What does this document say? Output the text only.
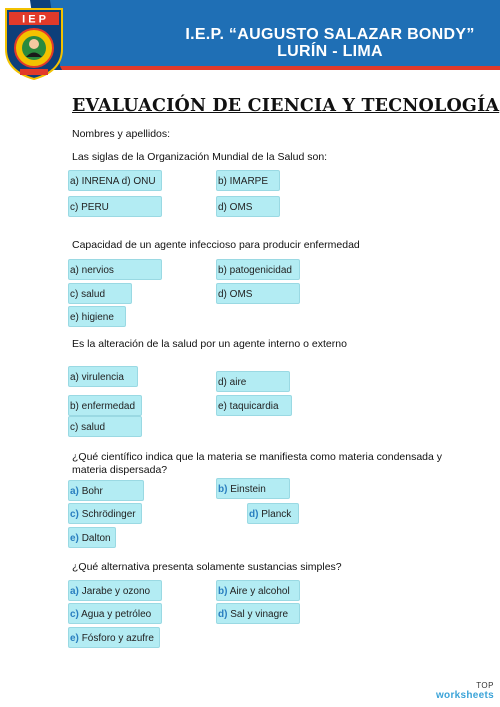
I.E.P. “AUGUSTO SALAZAR BONDY”
LURÍN - LIMA
I E P
EVALUACIÓN DE CIENCIA Y TECNOLOGÍA
Nombres y apellidos:
Las siglas de la Organización Mundial de la Salud son:
a) INRENA d) ONU	b) IMARPE
c) PERU	d) OMS
Capacidad de un agente infeccioso para producir enfermedad
a) nervios	b) patogenicidad
c) salud	d) OMS
e) higiene
Es la alteración de la salud por un agente interno o externo
a) virulencia	d) aire
b) enfermedad	e) taquicardia
c) salud
¿Qué científico indica que la materia se manifiesta como materia condensada y
materia dispersada?
a) Bohr	b) Einstein
c) Schrödinger	d) Planck
e) Dalton
¿Qué alternativa presenta solamente sustancias simples?
a) Jarabe y ozono	b) Aire y alcohol
c) Agua y petróleo	d) Sal y vinagre
e) Fósforo y azufre
TOP
worksheets
